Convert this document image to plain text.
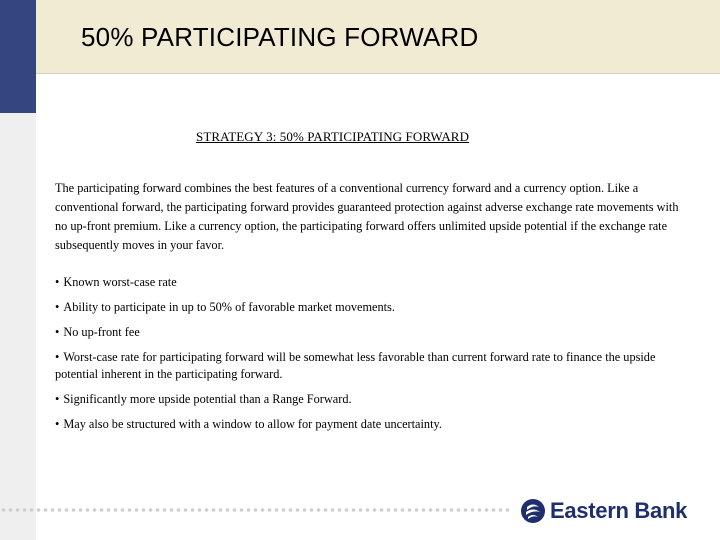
50% PARTICIPATING FORWARD

STRATEGY 3: 50% PARTICIPATING FORWARD

The participating forward combines the best features of a conventional currency forward and a currency option. Like a conventional forward, the participating forward provides guaranteed protection against adverse exchange rate movements with no up-front premium. Like a currency option, the participating forward offers unlimited upside potential if the exchange rate subsequently moves in your favor.

• Known worst-case rate
• Ability to participate in up to 50% of favorable market movements.
• No up-front fee
• Worst-case rate for participating forward will be somewhat less favorable than current forward rate to finance the upside potential inherent in the participating forward.
• Significantly more upside potential than a Range Forward.
• May also be structured with a window to allow for payment date uncertainty.
Eastern Bank
